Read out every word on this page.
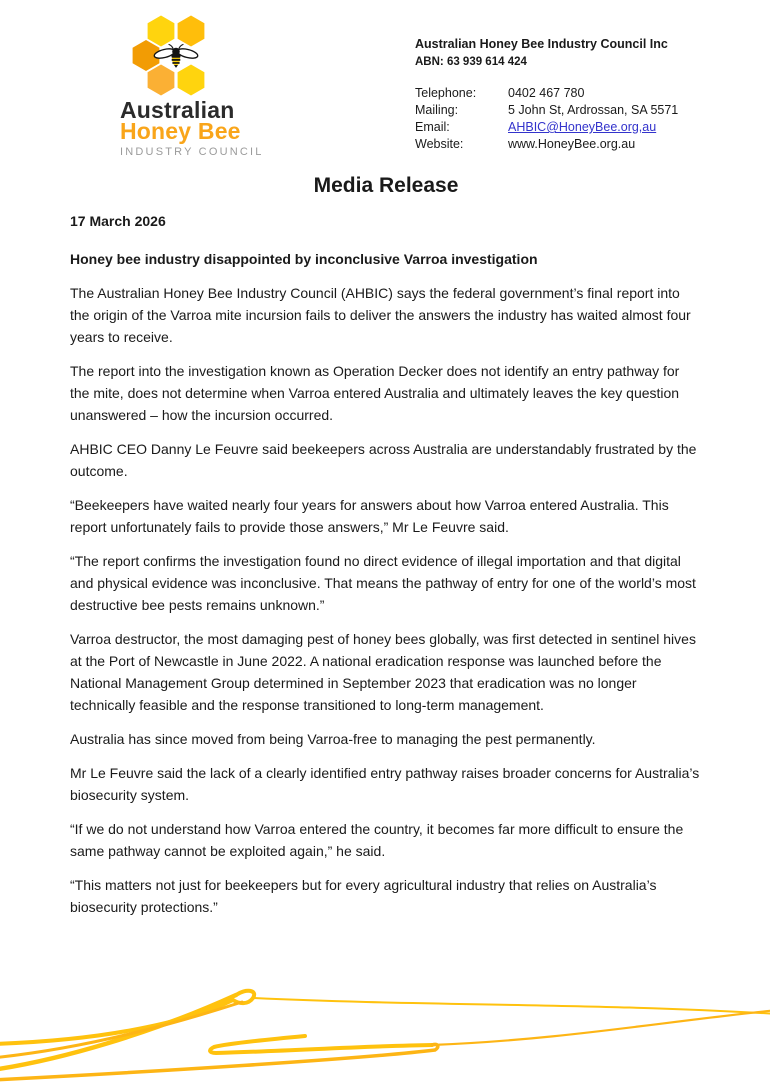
Australian
Honey Bee
INDUSTRY COUNCIL
Australian Honey Bee Industry Council Inc
ABN: 63 939 614 424
Telephone:	0402 467 780
Mailing:	5 John St, Ardrossan, SA 5571
Email:	AHBIC@HoneyBee.org,au
Website:	www.HoneyBee.org.au
Media Release
17 March 2026
Honey bee industry disappointed by inconclusive Varroa investigation

The Australian Honey Bee Industry Council (AHBIC) says the federal government’s final report into the origin of the Varroa mite incursion fails to deliver the answers the industry has waited almost four years to receive.

The report into the investigation known as Operation Decker does not identify an entry pathway for the mite, does not determine when Varroa entered Australia and ultimately leaves the key question unanswered – how the incursion occurred.

AHBIC CEO Danny Le Feuvre said beekeepers across Australia are understandably frustrated by the outcome.

“Beekeepers have waited nearly four years for answers about how Varroa entered Australia. This report unfortunately fails to provide those answers,” Mr Le Feuvre said.

“The report confirms the investigation found no direct evidence of illegal importation and that digital and physical evidence was inconclusive. That means the pathway of entry for one of the world’s most destructive bee pests remains unknown.”

Varroa destructor, the most damaging pest of honey bees globally, was first detected in sentinel hives at the Port of Newcastle in June 2022. A national eradication response was launched before the National Management Group determined in September 2023 that eradication was no longer technically feasible and the response transitioned to long-term management.

Australia has since moved from being Varroa-free to managing the pest permanently.

Mr Le Feuvre said the lack of a clearly identified entry pathway raises broader concerns for Australia’s biosecurity system.

“If we do not understand how Varroa entered the country, it becomes far more difficult to ensure the same pathway cannot be exploited again,” he said.

“This matters not just for beekeepers but for every agricultural industry that relies on Australia’s biosecurity protections.”
